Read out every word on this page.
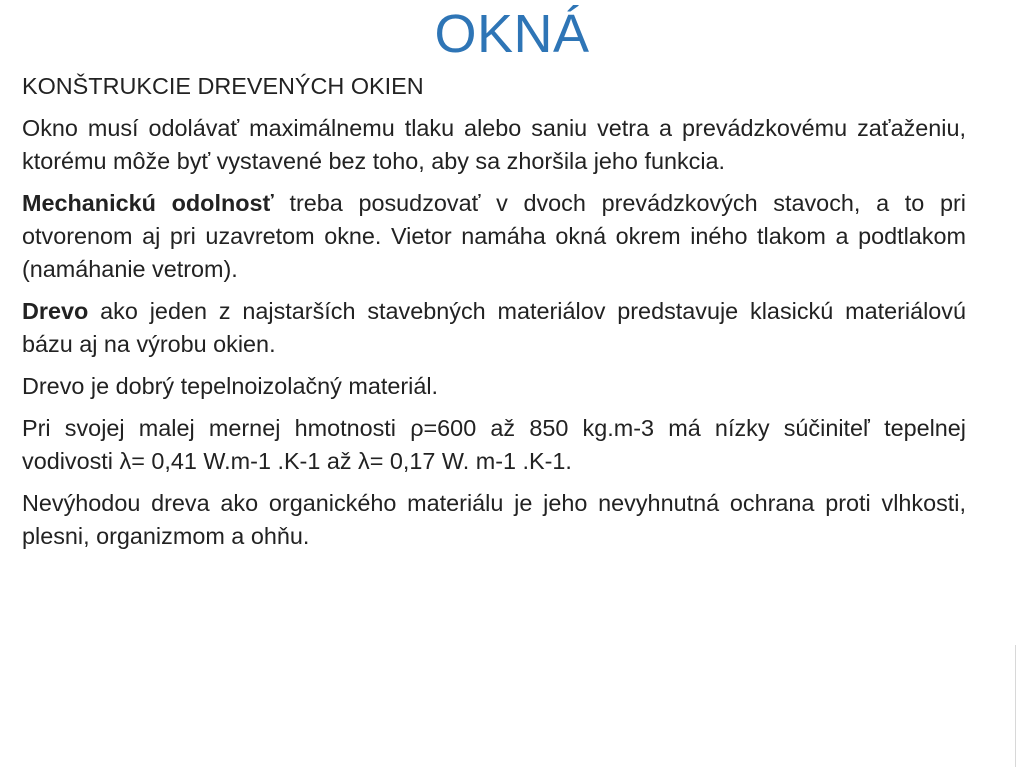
OKNÁ

KONŠTRUKCIE DREVENÝCH OKIEN

Okno musí odolávať maximálnemu tlaku alebo saniu vetra a prevádzkovému zaťaženiu, ktorému môže byť vystavené bez toho, aby sa zhoršila jeho funkcia.

Mechanickú odolnosť treba posudzovať v dvoch prevádzkových stavoch, a to pri otvorenom aj pri uzavretom okne. Vietor namáha okná okrem iného tlakom a podtlakom (namáhanie vetrom).

Drevo ako jeden z najstarších stavebných materiálov predstavuje klasickú materiálovú bázu aj na výrobu okien.

Drevo je dobrý tepelnoizolačný materiál.

Pri svojej malej mernej hmotnosti ρ=600 až 850 kg.m-3 má nízky súčiniteľ tepelnej vodivosti λ= 0,41 W.m-1 .K-1 až λ= 0,17 W. m-1 .K-1.

Nevýhodou dreva ako organického materiálu je jeho nevyhnutná ochrana proti vlhkosti, plesni, organizmom a ohňu.
